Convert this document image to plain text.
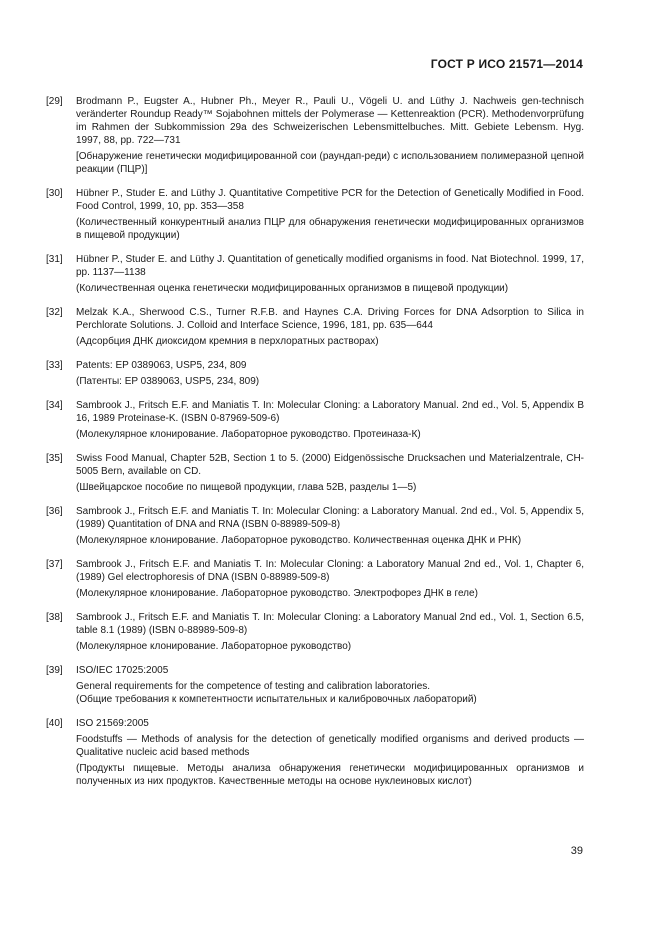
ГОСТ Р ИСО 21571—2014
[29]	Brodmann P., Eugster A., Hubner Ph., Meyer R., Pauli U., Vögeli U. and Lüthy J. Nachweis gen-technisch veränderter Roundup Ready™ Sojabohnen mittels der Polymerase — Kettenreaktion (PCR). Methodenvorprüfung im Rahmen der Subkommission 29a des Schweizerischen Lebensmittelbuches. Mitt. Gebiete Lebensm. Hyg. 1997, 88, pp. 722—731

[Обнаружение генетически модифицированной сои (раундап-реди) с использованием полимеразной цепной реакции (ПЦР)]

[30]	Hübner P., Studer E. and Lüthy J. Quantitative Competitive PCR for the Detection of Genetically Modified in Food. Food Control, 1999, 10, pp. 353—358

(Количественный конкурентный анализ ПЦР для обнаружения генетически модифицированных организмов в пищевой продукции)

[31]	Hübner P., Studer E. and Lüthy J. Quantitation of genetically modified organisms in food. Nat Biotechnol. 1999, 17, pp. 1137—1138

(Количественная оценка генетически модифицированных организмов в пищевой продукции)

[32]	Melzak K.A., Sherwood C.S., Turner R.F.B. and Haynes C.A. Driving Forces for DNA Adsorption to Silica in Perchlorate Solutions. J. Colloid and Interface Science, 1996, 181, pp. 635—644

(Адсорбция ДНК диоксидом кремния в перхлоратных растворах)

[33]	Patents: EP 0389063, USP5, 234, 809

(Патенты: EP 0389063, USP5, 234, 809)

[34]	Sambrook J., Fritsch E.F. and Maniatis T. In: Molecular Cloning: a Laboratory Manual. 2nd ed., Vol. 5, Appendix B 16, 1989 Proteinase-K. (ISBN 0-87969-509-6)

(Молекулярное клонирование. Лабораторное руководство. Протеиназа-К)

[35]	Swiss Food Manual, Chapter 52B, Section 1 to 5. (2000) Eidgenössische Drucksachen und Materialzentrale, CH-5005 Bern, available on CD.

(Швейцарское пособие по пищевой продукции, глава 52B, разделы 1—5)

[36]	Sambrook J., Fritsch E.F. and Maniatis T. In: Molecular Cloning: a Laboratory Manual. 2nd ed., Vol. 5, Appendix 5, (1989) Quantitation of DNA and RNA (ISBN 0-88989-509-8)

(Молекулярное клонирование. Лабораторное руководство. Количественная оценка ДНК и РНК)

[37]	Sambrook J., Fritsch E.F. and Maniatis T. In: Molecular Cloning: a Laboratory Manual 2nd ed., Vol. 1, Chapter 6, (1989) Gel electrophoresis of DNA (ISBN 0-88989-509-8)

(Молекулярное клонирование. Лабораторное руководство. Электрофорез ДНК в геле)

[38]	Sambrook J., Fritsch E.F. and Maniatis T. In: Molecular Cloning: a Laboratory Manual 2nd ed., Vol. 1, Section 6.5, table 8.1 (1989) (ISBN 0-88989-509-8)

(Молекулярное клонирование. Лабораторное руководство)

[39]	ISO/IEC 17025:2005

General requirements for the competence of testing and calibration laboratories.

(Общие требования к компетентности испытательных и калибровочных лабораторий)

[40]	ISO 21569:2005

Foodstuffs — Methods of analysis for the detection of genetically modified organisms and derived products — Qualitative nucleic acid based methods

(Продукты пищевые. Методы анализа обнаружения генетически модифицированных организмов и полученных из них продуктов. Качественные методы на основе нуклеиновых кислот)

39
